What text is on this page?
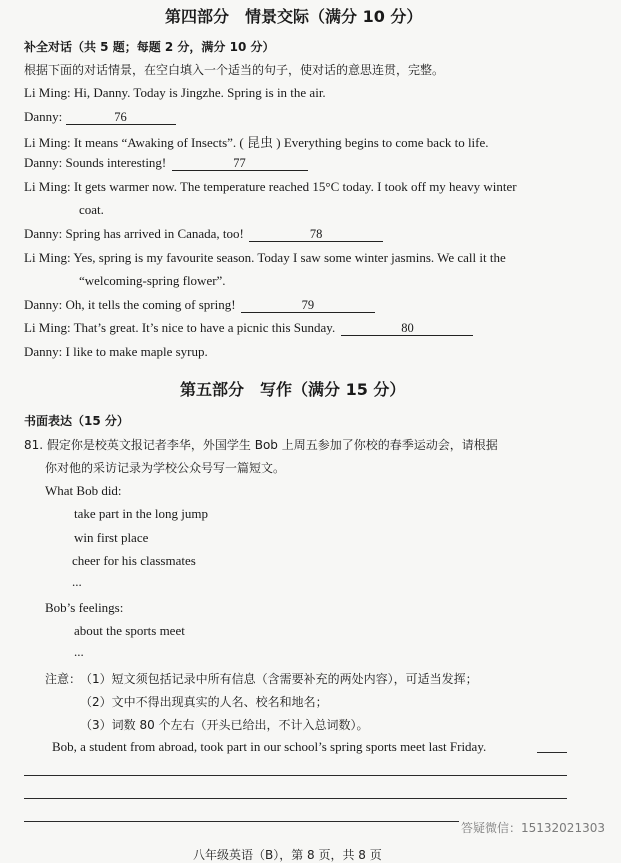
第四部分　情景交际（满分 10 分）
补全对话（共 5 题；每题 2 分，满分 10 分）
根据下面的对话情景，在空白填入一个适当的句子，使对话的意思连贯，完整。
Li Ming: Hi, Danny. Today is Jingzhe. Spring is in the air.
Danny:	76
Li Ming: It means “Awaking of Insects”. ( 昆虫 ) Everything begins to come back to life.
Danny: Sounds interesting!	77
Li Ming: It gets warmer now. The temperature reached 15°C today. I took off my heavy winter
coat.
Danny: Spring has arrived in Canada, too!	78
Li Ming: Yes, spring is my favourite season. Today I saw some winter jasmins. We call it the
“welcoming-spring flower”.
Danny: Oh, it tells the coming of spring!	79
Li Ming: That’s great. It’s nice to have a picnic this Sunday.	80
Danny: I like to make maple syrup.
第五部分　写作（满分 15 分）
书面表达（15 分）
81. 假定你是校英文报记者李华，外国学生 Bob 上周五参加了你校的春季运动会，请根据
你对他的采访记录为学校公众号写一篇短文。
What Bob did:
take part in the long jump
win first place
cheer for his classmates
...
Bob’s feelings:
about the sports meet
...
注意：
（1）短文须包括记录中所有信息（含需要补充的两处内容），可适当发挥；
（2）文中不得出现真实的人名、校名和地名；
（3）词数 80 个左右（开头已给出，不计入总词数）。
Bob, a student from abroad, took part in our school’s spring sports meet last Friday.
答疑微信：15132021303
八年级英语（B），第 8 页，共 8 页
